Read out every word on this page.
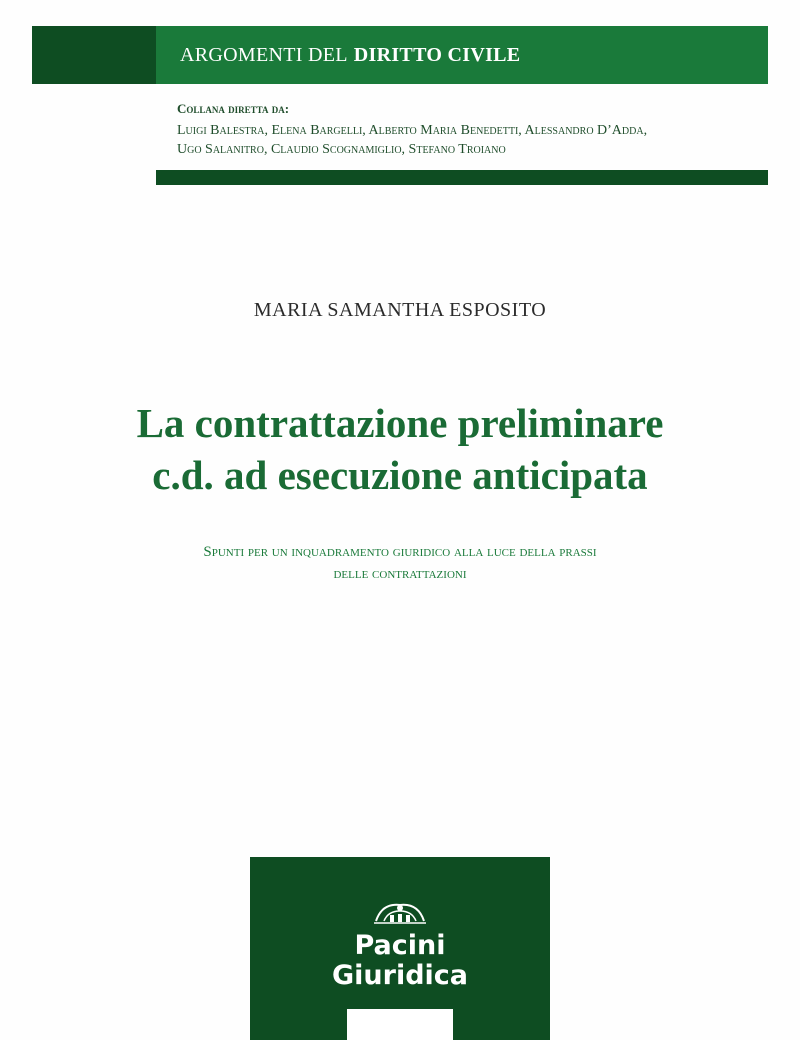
ARGOMENTI DEL DIRITTO CIVILE
Collana diretta da:
Luigi Balestra, Elena Bargelli, Alberto Maria Benedetti, Alessandro D’Adda,
Ugo Salanitro, Claudio Scognamiglio, Stefano Troiano
MARIA SAMANTHA ESPOSITO
La contrattazione preliminare
c.d. ad esecuzione anticipata
Spunti per un inquadramento giuridico alla luce della prassi
delle contrattazioni
Pacini
Giuridica
